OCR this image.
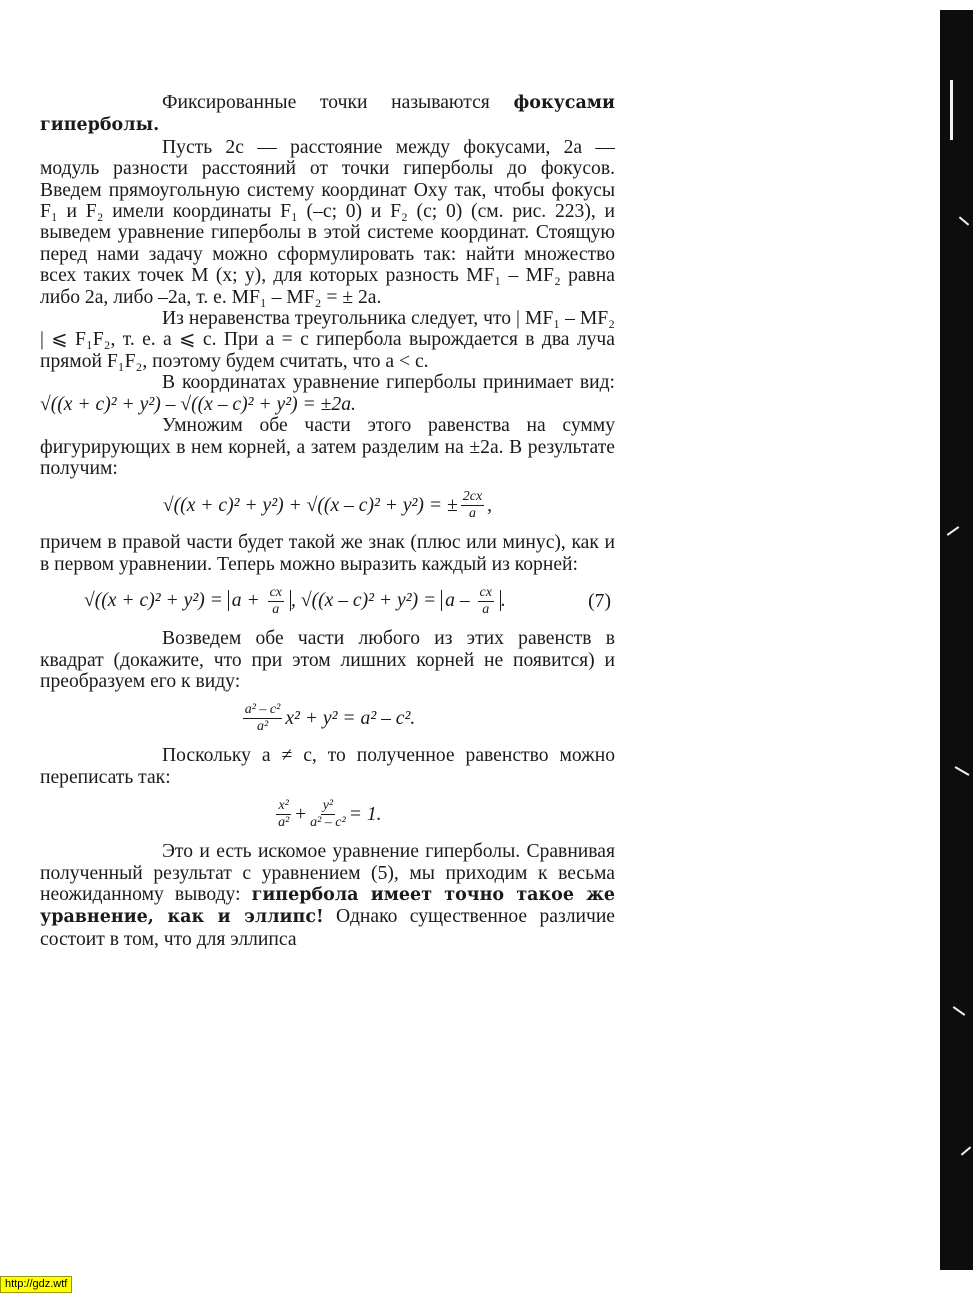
Фиксированные точки называются фокусами гиперболы.

Пусть 2c — расстояние между фокусами, 2a — модуль разности расстояний от точки гиперболы до фокусов. Введем прямоугольную систему координат Oxy так, чтобы фокусы F₁ и F₂ имели координаты F₁ (–c; 0) и F₂ (c; 0) (см. рис. 223), и выведем уравнение гиперболы в этой системе координат. Стоящую перед нами задачу можно сформулировать так: найти множество всех таких точек M (x; y), для которых разность MF₁ – MF₂ равна либо 2a, либо –2a, т. е. MF₁ – MF₂ = ± 2a.

Из неравенства треугольника следует, что | MF₁ – MF₂ | ⩽ F₁F₂, т. е. a ⩽ c. При a = c гипербола вырождается в два луча прямой F₁F₂, поэтому будем считать, что a < c.

В координатах уравнение гиперболы принимает вид: √((x + c)² + y²) – √((x – c)² + y²) = ±2a.

Умножим обе части этого равенства на сумму фигурирующих в нем корней, а затем разделим на ±2a. В результате получим:

√((x + c)² + y²) + √((x – c)² + y²) = ± $\frac{2cx}{a}$ ,

причем в правой части будет такой же знак (плюс или минус), как и в первом уравнении. Теперь можно выразить каждый из корней:

$√((x + c)^2 + y^2) = a + \frac{cx}{a}$ , $√((x - c)^2 + y^2) = a - \frac{cx}{a}$ .	(7)

Возведем обе части любого из этих равенств в квадрат (докажите, что при этом лишних корней не появится) и преобразуем его к виду:

$\frac{\text{a² – c²}}{\text{a²}} x^2 + y^2 = a^2 - c^2$.

Поскольку a ≠ c, то полученное равенство можно переписать так:

$\frac{\text{x²}}{\text{a²}} + \frac{\text{y²}}{\text{a² – c²}} = 1$.

Это и есть искомое уравнение гиперболы. Сравнивая полученный результат с уравнением (5), мы приходим к весьма неожиданному выводу: гипербола имеет точно такое же уравнение, как и эллипс! Однако существенное различие состоит в том, что для эллипса

http://gdz.wtf
